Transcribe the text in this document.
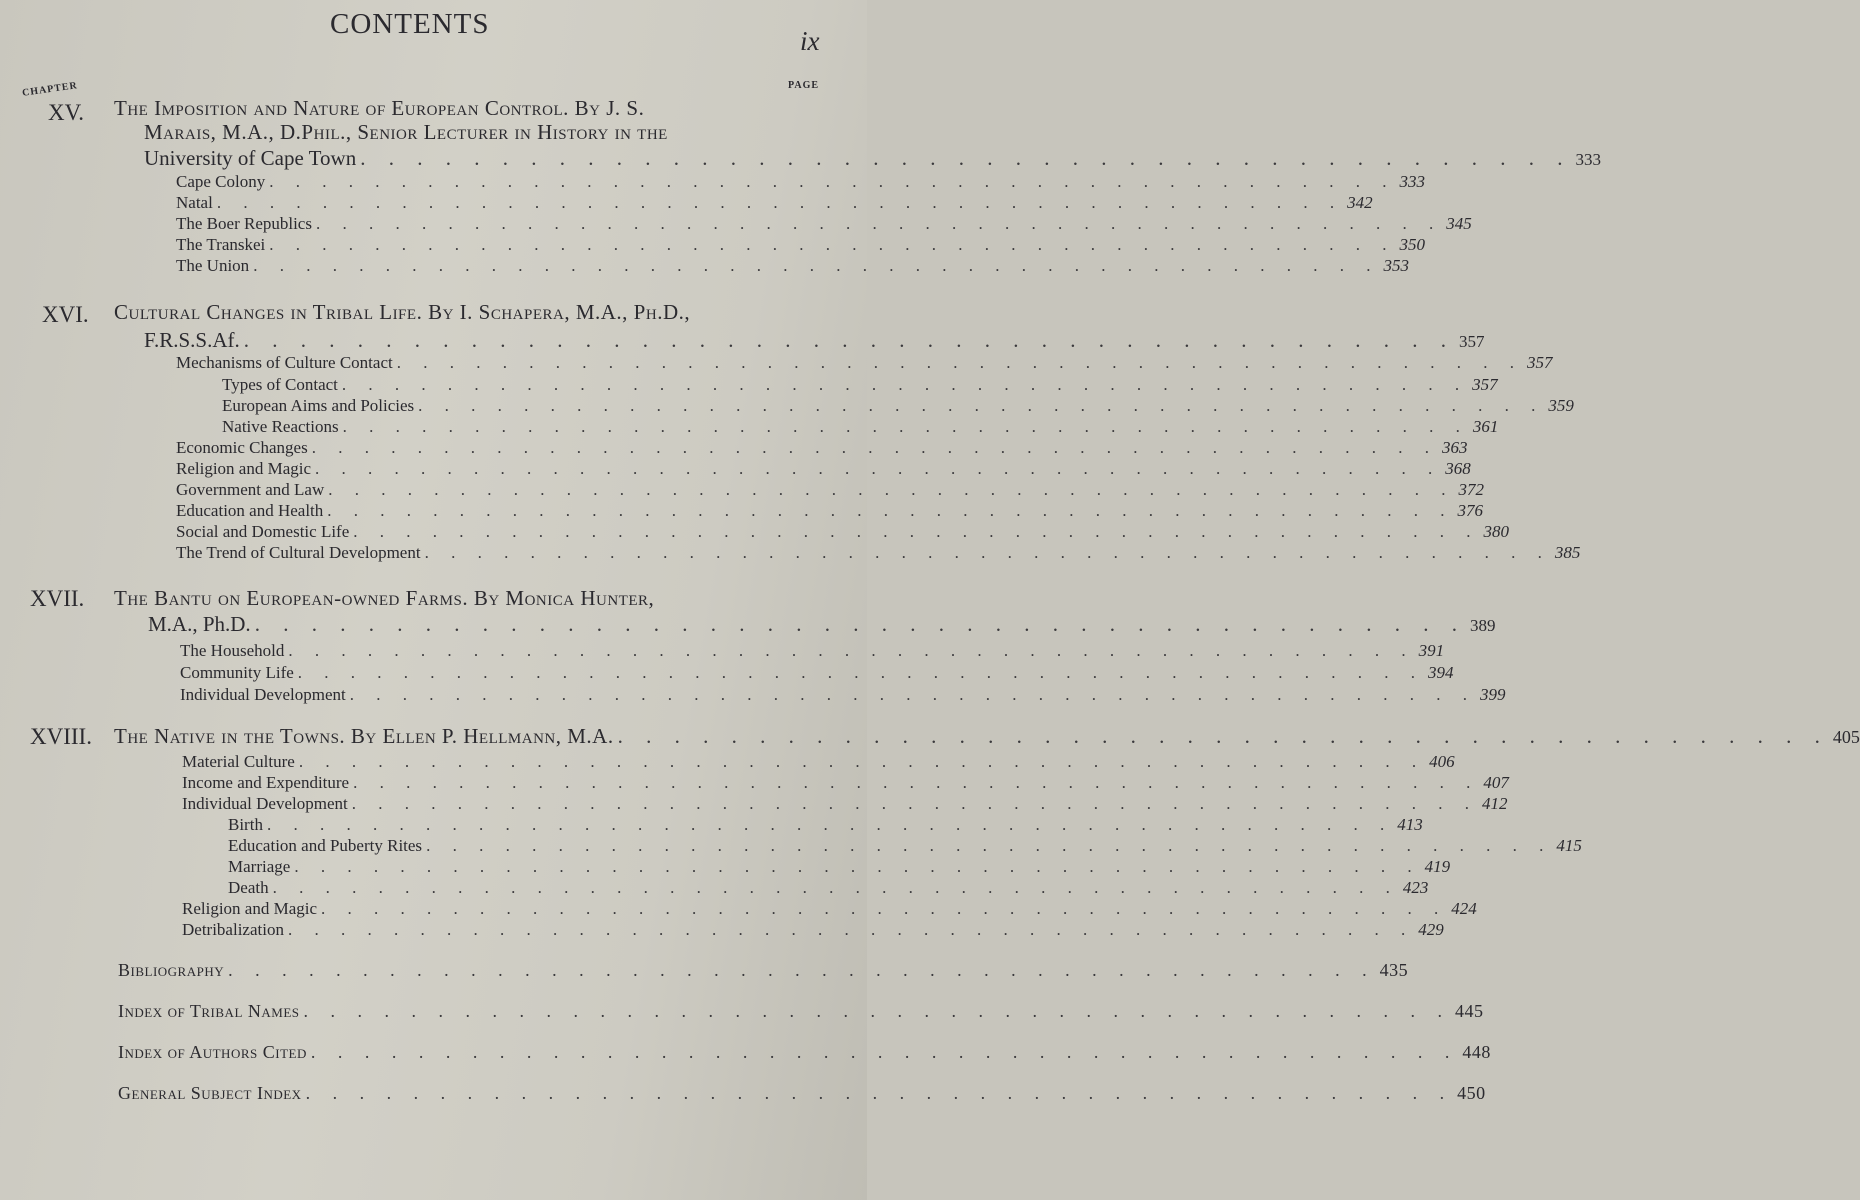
CONTENTS
ix
CHAPTER	PAGE
XV. The Imposition and Nature of European Control. By J. S.
Marais, M.A., D.Phil., Senior Lecturer in History in the
University of Cape Town . . . . . . . . . . . . . . . . . . . . . . . . . . . . . . . . . . . . . . . . . . . 333
Cape Colony . . . . . . . . . . . . . . . . . . . . . . . . . . . . . . . . . . . . . . . . . . . 333
Natal . . . . . . . . . . . . . . . . . . . . . . . . . . . . . . . . . . . . . . . . . . . 342
The Boer Republics . . . . . . . . . . . . . . . . . . . . . . . . . . . . . . . . . . . . . . . . . . . 345
The Transkei . . . . . . . . . . . . . . . . . . . . . . . . . . . . . . . . . . . . . . . . . . . 350
The Union . . . . . . . . . . . . . . . . . . . . . . . . . . . . . . . . . . . . . . . . . . . 353
XVI. Cultural Changes in Tribal Life. By I. Schapera, M.A., Ph.D.,
F.R.S.S.Af. . . . . . . . . . . . . . . . . . . . . . . . . . . . . . . . . . . . . . . . . . . . 357
Mechanisms of Culture Contact . . . . . . . . . . . . . . . . . . . . . . . . . . . . . . . . . . . . . . . . . . . 357
Types of Contact . . . . . . . . . . . . . . . . . . . . . . . . . . . . . . . . . . . . . . . . . . . 357
European Aims and Policies . . . . . . . . . . . . . . . . . . . . . . . . . . . . . . . . . . . . . . . . . . . 359
Native Reactions . . . . . . . . . . . . . . . . . . . . . . . . . . . . . . . . . . . . . . . . . . . 361
Economic Changes . . . . . . . . . . . . . . . . . . . . . . . . . . . . . . . . . . . . . . . . . . . 363
Religion and Magic . . . . . . . . . . . . . . . . . . . . . . . . . . . . . . . . . . . . . . . . . . . 368
Government and Law . . . . . . . . . . . . . . . . . . . . . . . . . . . . . . . . . . . . . . . . . . . 372
Education and Health . . . . . . . . . . . . . . . . . . . . . . . . . . . . . . . . . . . . . . . . . . . 376
Social and Domestic Life . . . . . . . . . . . . . . . . . . . . . . . . . . . . . . . . . . . . . . . . . . . 380
The Trend of Cultural Development . . . . . . . . . . . . . . . . . . . . . . . . . . . . . . . . . . . . . . . . . . . 385
XVII. The Bantu on European-owned Farms. By Monica Hunter,
M.A., Ph.D. . . . . . . . . . . . . . . . . . . . . . . . . . . . . . . . . . . . . . . . . . . . 389
The Household . . . . . . . . . . . . . . . . . . . . . . . . . . . . . . . . . . . . . . . . . . . 391
Community Life . . . . . . . . . . . . . . . . . . . . . . . . . . . . . . . . . . . . . . . . . . . 394
Individual Development . . . . . . . . . . . . . . . . . . . . . . . . . . . . . . . . . . . . . . . . . . . 399
XVIII. The Native in the Towns. By Ellen P. Hellmann, M.A. . . . . . . . . . . . . . . . . . . . . . . . . . . . . . . . . . . . . . . . . . . . 405
Material Culture . . . . . . . . . . . . . . . . . . . . . . . . . . . . . . . . . . . . . . . . . . . 406
Income and Expenditure . . . . . . . . . . . . . . . . . . . . . . . . . . . . . . . . . . . . . . . . . . . 407
Individual Development . . . . . . . . . . . . . . . . . . . . . . . . . . . . . . . . . . . . . . . . . . . 412
Birth . . . . . . . . . . . . . . . . . . . . . . . . . . . . . . . . . . . . . . . . . . . 413
Education and Puberty Rites . . . . . . . . . . . . . . . . . . . . . . . . . . . . . . . . . . . . . . . . . . . 415
Marriage . . . . . . . . . . . . . . . . . . . . . . . . . . . . . . . . . . . . . . . . . . . 419
Death . . . . . . . . . . . . . . . . . . . . . . . . . . . . . . . . . . . . . . . . . . . 423
Religion and Magic . . . . . . . . . . . . . . . . . . . . . . . . . . . . . . . . . . . . . . . . . . . 424
Detribalization . . . . . . . . . . . . . . . . . . . . . . . . . . . . . . . . . . . . . . . . . . . 429
Bibliography . . . . . . . . . . . . . . . . . . . . . . . . . . . . . . . . . . . . . . . . . . . 435
Index of Tribal Names . . . . . . . . . . . . . . . . . . . . . . . . . . . . . . . . . . . . . . . . . . . 445
Index of Authors Cited . . . . . . . . . . . . . . . . . . . . . . . . . . . . . . . . . . . . . . . . . . . 448
General Subject Index . . . . . . . . . . . . . . . . . . . . . . . . . . . . . . . . . . . . . . . . . . . 450
